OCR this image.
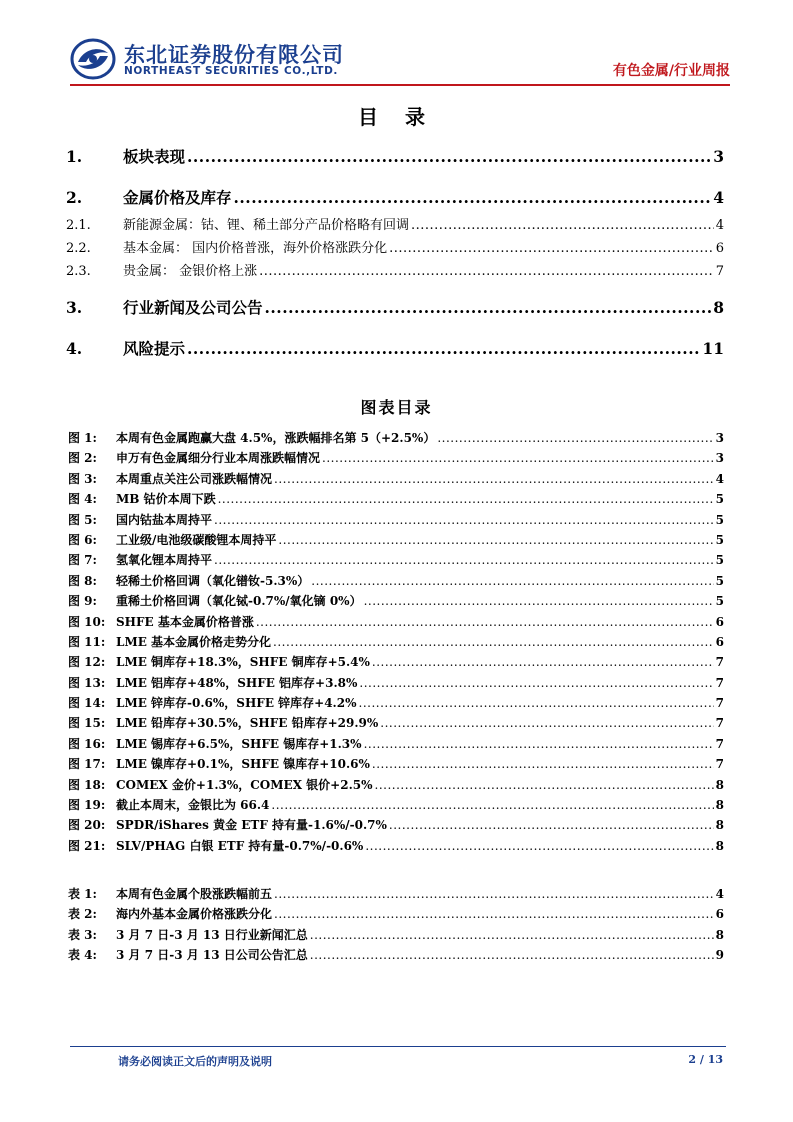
东北证券股份有限公司
NORTHEAST SECURITIES CO.,LTD.	有色金属/行业周报
目 录
1.	板块表现 .....	3
2.	金属价格及库存 .....	4
2.1.	新能源金属：钴、锂、稀土部分产品价格略有回调 .....	4
2.2.	基本金属： 国内价格普涨，海外价格涨跌分化 .....	6
2.3.	贵金属： 金银价格上涨 .....	7
3.	行业新闻及公司公告 .....	8
4.	风险提示 .....	11
图表目录
图 1:	本周有色金属跑赢大盘 4.5%，涨跌幅排名第 5（+2.5%） .....	3
图 2:	申万有色金属细分行业本周涨跌幅情况 .....	3
图 3:	本周重点关注公司涨跌幅情况 .....	4
图 4:	MB 钴价本周下跌 .....	5
图 5:	国内钴盐本周持平 .....	5
图 6:	工业级/电池级碳酸锂本周持平 .....	5
图 7:	氢氧化锂本周持平 .....	5
图 8:	轻稀土价格回调（氧化镨钕-5.3%） .....	5
图 9:	重稀土价格回调（氧化铽-0.7%/氧化镝 0%） .....	5
图 10: SHFE 基本金属价格普涨 .....	6
图 11: LME 基本金属价格走势分化 .....	6
图 12: LME 铜库存+18.3%，SHFE 铜库存+5.4% .....	7
图 13: LME 铝库存+48%，SHFE 铝库存+3.8% .....	7
图 14: LME 锌库存-0.6%，SHFE 锌库存+4.2% .....	7
图 15: LME 铅库存+30.5%，SHFE 铅库存+29.9% .....	7
图 16: LME 锡库存+6.5%，SHFE 锡库存+1.3% .....	7
图 17: LME 镍库存+0.1%，SHFE 镍库存+10.6% .....	7
图 18: COMEX 金价+1.3%，COMEX 银价+2.5% .....	8
图 19: 截止本周末，金银比为 66.4 .....	8
图 20: SPDR/iShares 黄金 ETF 持有量-1.6%/-0.7% .....	8
图 21: SLV/PHAG 白银 ETF 持有量-0.7%/-0.6% .....	8
表 1:	本周有色金属个股涨跌幅前五 .....	4
表 2:	海内外基本金属价格涨跌分化 .....	6
表 3:	3 月 7 日-3 月 13 日行业新闻汇总 .....	8
表 4:	3 月 7 日-3 月 13 日公司公告汇总 .....	9
请务必阅读正文后的声明及说明	2 / 13
